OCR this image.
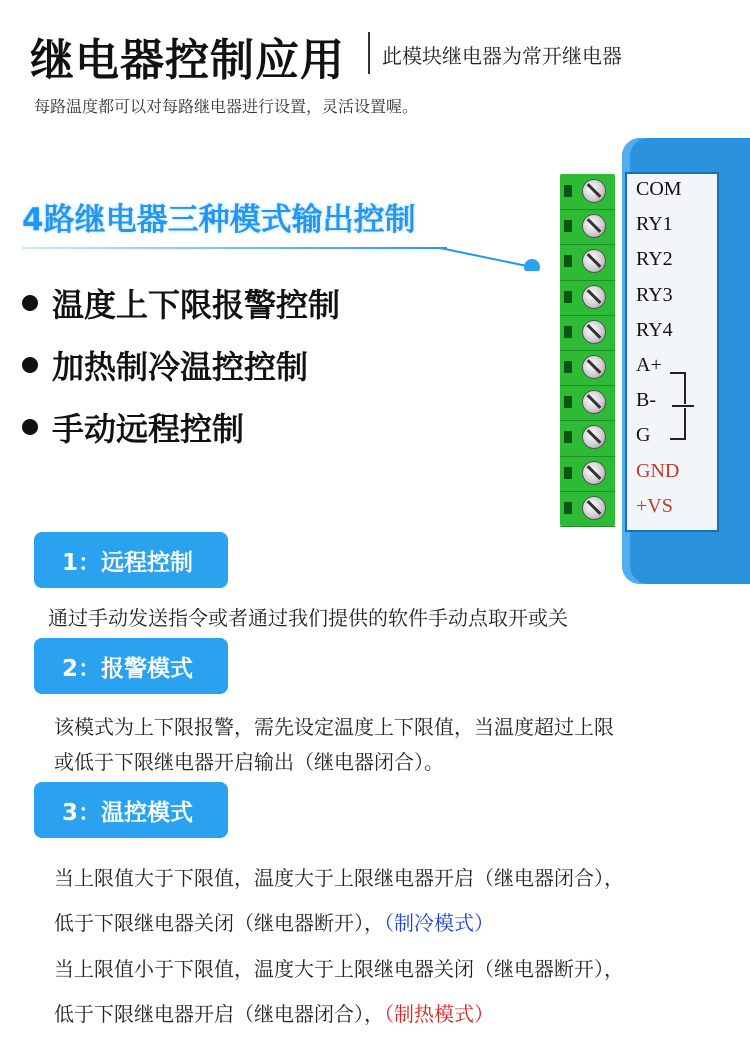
继电器控制应用 此模块继电器为常开继电器
每路温度都可以对每路继电器进行设置，灵活设置喔。
4路继电器三种模式输出控制
温度上下限报警控制
加热制冷温控控制
手动远程控制
COM
RY1
RY2
RY3
RY4
A+
B-
G
GND
+VS
1：远程控制
通过手动发送指令或者通过我们提供的软件手动点取开或关
2：报警模式
该模式为上下限报警，需先设定温度上下限值，当温度超过上限
或低于下限继电器开启输出（继电器闭合）。
3：温控模式
当上限值大于下限值，温度大于上限继电器开启（继电器闭合），
低于下限继电器关闭（继电器断开），（制冷模式）
当上限值小于下限值，温度大于上限继电器关闭（继电器断开），
低于下限继电器开启（继电器闭合），（制热模式）
